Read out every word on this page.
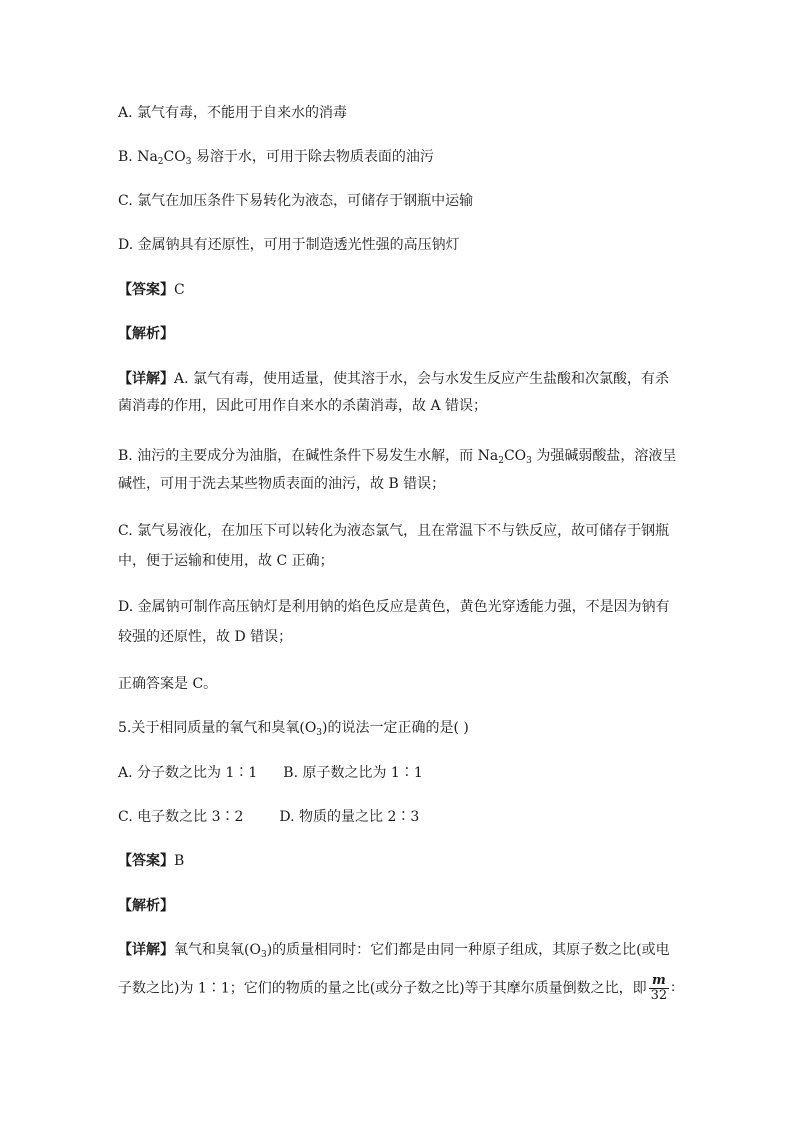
A. 氯气有毒，不能用于自来水的消毒
B. $Na_2CO_3$ 易溶于水，可用于除去物质表面的油污
C. 氯气在加压条件下易转化为液态，可储存于钢瓶中运输
D. 金属钠具有还原性，可用于制造透光性强的高压钠灯
【答案】C
【解析】
【详解】A. 氯气有毒，使用适量，使其溶于水，会与水发生反应产生盐酸和次氯酸，有杀
菌消毒的作用，因此可用作自来水的杀菌消毒，故 A 错误；
B. 油污的主要成分为油脂，在碱性条件下易发生水解，而 $Na_2CO_3$ 为强碱弱酸盐，溶液呈
碱性，可用于洗去某些物质表面的油污，故 B 错误；
C. 氯气易液化，在加压下可以转化为液态氯气，且在常温下不与铁反应，故可储存于钢瓶
中，便于运输和使用，故 C 正确；
D. 金属钠可制作高压钠灯是利用钠的焰色反应是黄色，黄色光穿透能力强，不是因为钠有
较强的还原性，故 D 错误；
正确答案是 C。
5.关于相同质量的氧气和臭氧$(O_3)$的说法一定正确的是( )
A. 分子数之比为 1∶1 B. 原子数之比为 1∶1
C. 电子数之比 3∶2	D. 物质的量之比 2∶3
【答案】B
【解析】
【详解】氧气和臭氧$(O_3)$的质量相同时：它们都是由同一种原子组成，其原子数之比(或电
子数之比)为 1∶1；它们的物质的量之比(或分子数之比)等于其摩尔质量倒数之比，即 $\frac{m}{32}$ ∶
